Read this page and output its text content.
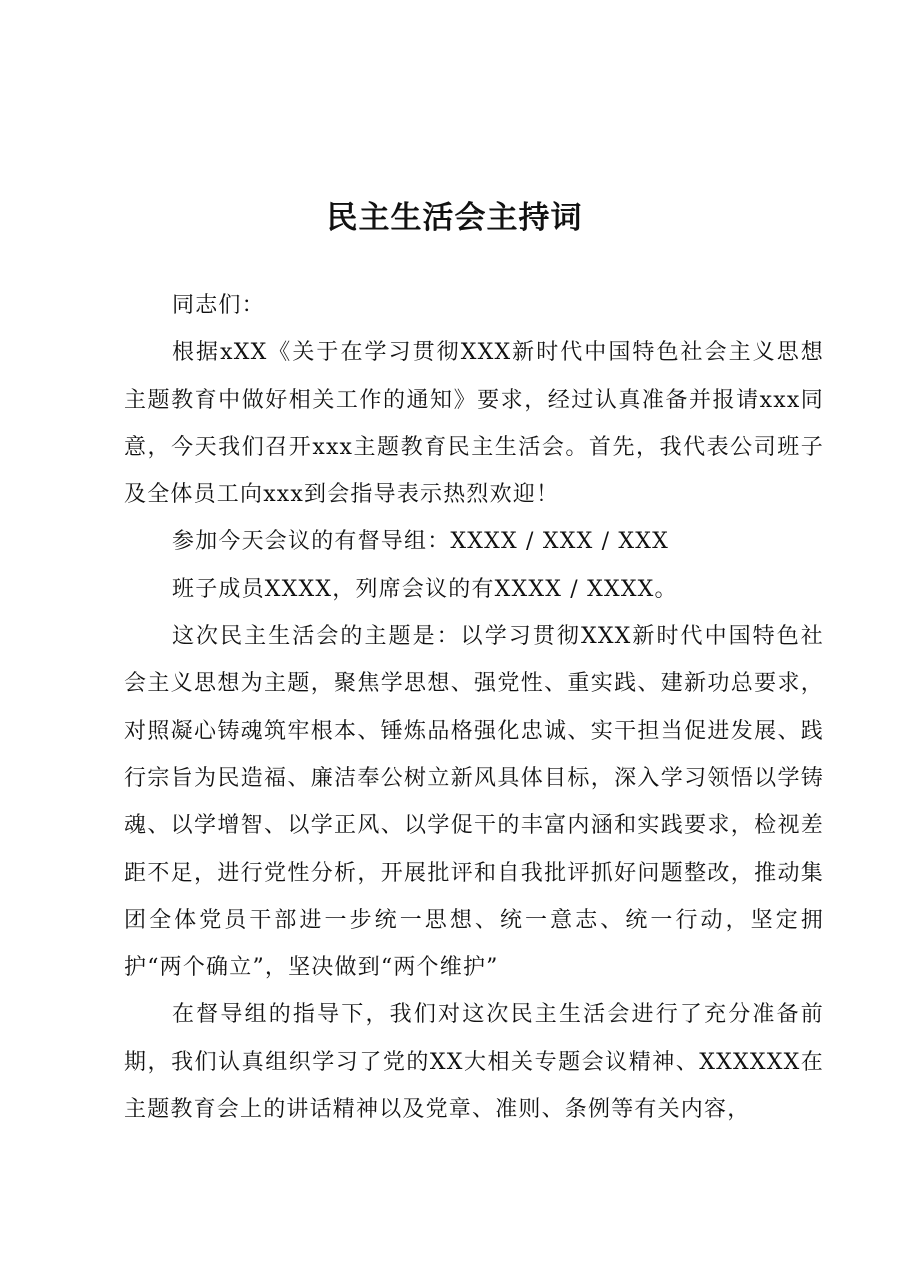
民主生活会主持词

同志们：

根据xXX《关于在学习贯彻XXX新时代中国特色社会主义思想主题教育中做好相关工作的通知》要求，经过认真准备并报请xxx同意，今天我们召开xxx主题教育民主生活会。首先，我代表公司班子及全体员工向xxx到会指导表示热烈欢迎！

参加今天会议的有督导组：XXXX / XXX / XXX

班子成员XXXX，列席会议的有XXXX / XXXX。

这次民主生活会的主题是：以学习贯彻XXX新时代中国特色社会主义思想为主题，聚焦学思想、强党性、重实践、建新功总要求，对照凝心铸魂筑牢根本、锤炼品格强化忠诚、实干担当促进发展、践行宗旨为民造福、廉洁奉公树立新风具体目标，深入学习领悟以学铸魂、以学增智、以学正风、以学促干的丰富内涵和实践要求，检视差距不足，进行党性分析，开展批评和自我批评抓好问题整改，推动集团全体党员干部进一步统一思想、统一意志、统一行动，坚定拥护“两个确立”，坚决做到“两个维护”

在督导组的指导下，我们对这次民主生活会进行了充分准备前期，我们认真组织学习了党的XX大相关专题会议精神、XXXXXX在主题教育会上的讲话精神以及党章、准则、条例等有关内容，
